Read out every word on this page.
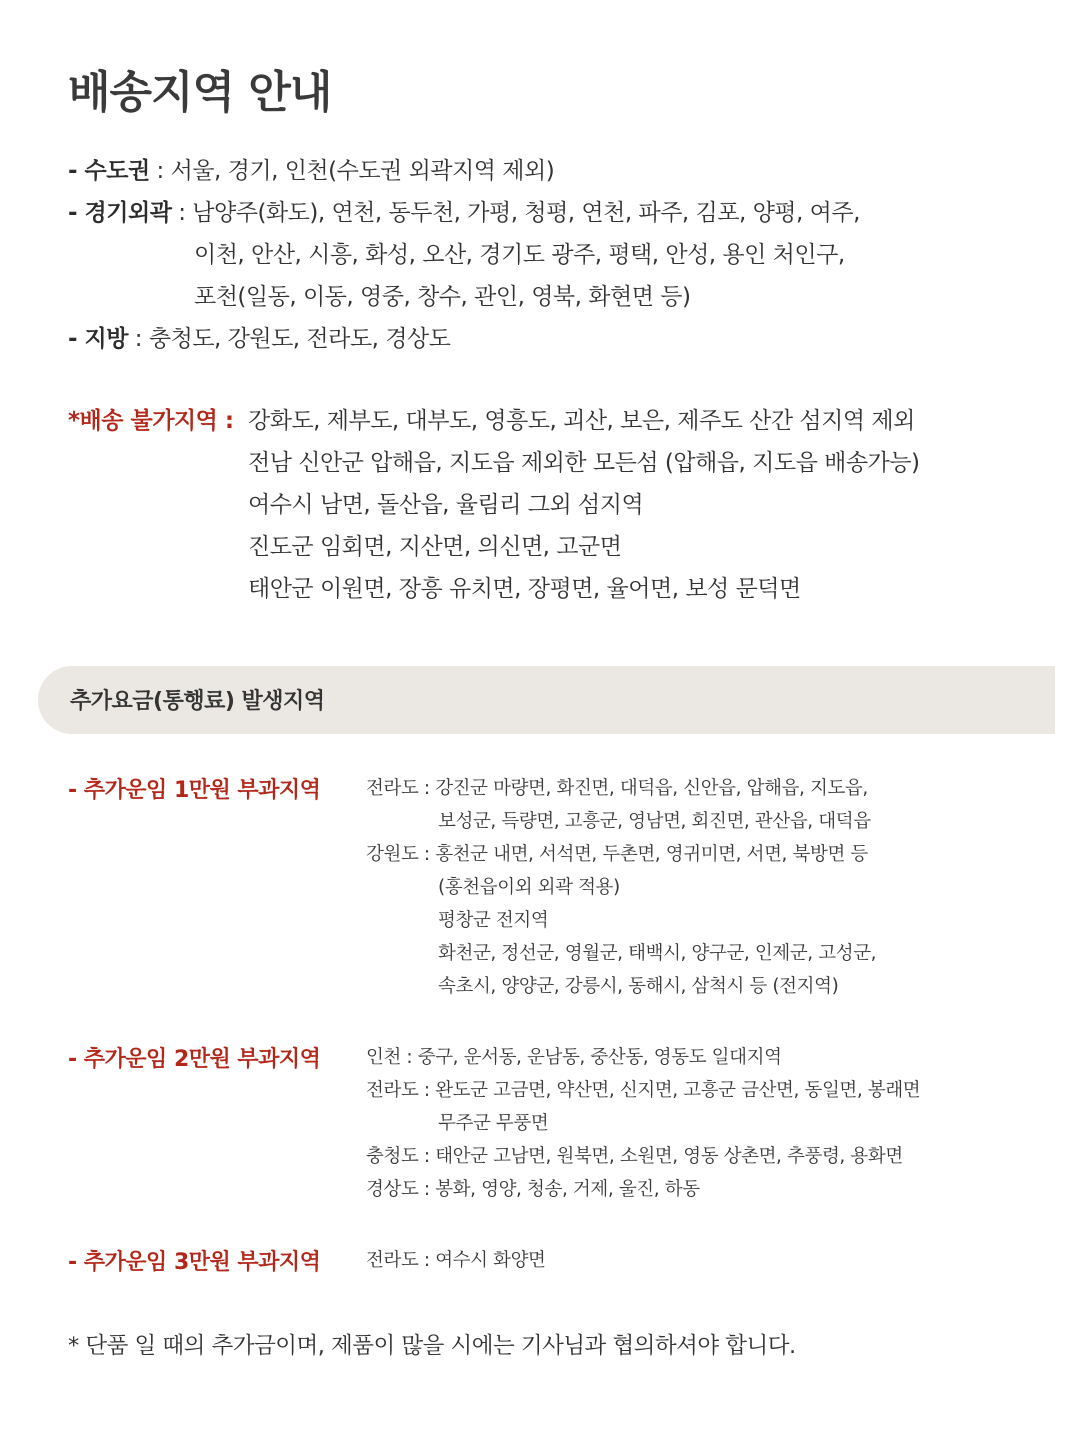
배송지역 안내
- 수도권 : 서울, 경기, 인천(수도권 외곽지역 제외)
- 경기외곽 : 남양주(화도), 연천, 동두천, 가평, 청평, 연천, 파주, 김포, 양평, 여주,
이천, 안산, 시흥, 화성, 오산, 경기도 광주, 평택, 안성, 용인 처인구,
포천(일동, 이동, 영중, 창수, 관인, 영북, 화현면 등)
- 지방 : 충청도, 강원도, 전라도, 경상도
*배송 불가지역 : 강화도, 제부도, 대부도, 영흥도, 괴산, 보은, 제주도 산간 섬지역 제외
전남 신안군 압해읍, 지도읍 제외한 모든섬 (압해읍, 지도읍 배송가능)
여수시 남면, 돌산읍, 율림리 그외 섬지역
진도군 임회면, 지산면, 의신면, 고군면
태안군 이원면, 장흥 유치면, 장평면, 율어면, 보성 문덕면
추가요금(통행료) 발생지역
- 추가운임 1만원 부과지역 전라도 : 강진군 마량면, 화진면, 대덕읍, 신안읍, 압해읍, 지도읍,
보성군, 득량면, 고흥군, 영남면, 회진면, 관산읍, 대덕읍
강원도 : 홍천군 내면, 서석면, 두촌면, 영귀미면, 서면, 북방면 등
(홍천읍이외 외곽 적용)
평창군 전지역
화천군, 정선군, 영월군, 태백시, 양구군, 인제군, 고성군,
속초시, 양양군, 강릉시, 동해시, 삼척시 등 (전지역)
- 추가운임 2만원 부과지역 인천 : 중구, 운서동, 운남동, 중산동, 영동도 일대지역
전라도 : 완도군 고금면, 약산면, 신지면, 고흥군 금산면, 동일면, 봉래면
무주군 무풍면
충청도 : 태안군 고남면, 원북면, 소원면, 영동 상촌면, 추풍령, 용화면
경상도 : 봉화, 영양, 청송, 거제, 울진, 하동
- 추가운임 3만원 부과지역 전라도 : 여수시 화양면
* 단품 일 때의 추가금이며, 제품이 많을 시에는 기사님과 협의하셔야 합니다.
